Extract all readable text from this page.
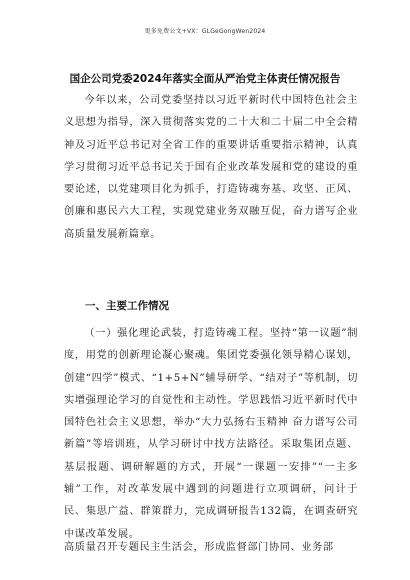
更多免费公文+VX：GLGeGongWen2024
国企公司党委2024年落实全面从严治党主体责任情况报告

今年以来，公司党委坚持以习近平新时代中国特色社会主义思想为指导，深入贯彻落实党的二十大和二十届二中全会精神及习近平总书记对全省工作的重要讲话重要指示精神，认真学习贯彻习近平总书记关于国有企业改革发展和党的建设的重要论述，以党建项目化为抓手，打造铸魂夯基、攻坚、正风、创廉和惠民六大工程，实现党建业务双融互促，奋力谱写企业高质量发展新篇章。

一、主要工作情况

（一）强化理论武装，打造铸魂工程。坚持“第一议题”制度，用党的创新理论凝心聚魂。集团党委强化领导精心谋划，创建“四学”模式、“1+5+N”辅导研学、“结对子”等机制，切实增强理论学习的自觉性和主动性。学思践悟习近平新时代中国特色社会主义思想，举办“大力弘扬右玉精神 奋力谱写公司新篇”等培训班，从学习研讨中找方法路径。采取集团点题、基层报题、调研解题的方式，开展“一课题一安排”“一主多辅”工作，对改革发展中遇到的问题进行立项调研，问计于民、集思广益、群策群力，完成调研报告132篇，在调查研究中谋改革发展。

高质量召开专题民主生活会，形成监督部门协同、业务部
